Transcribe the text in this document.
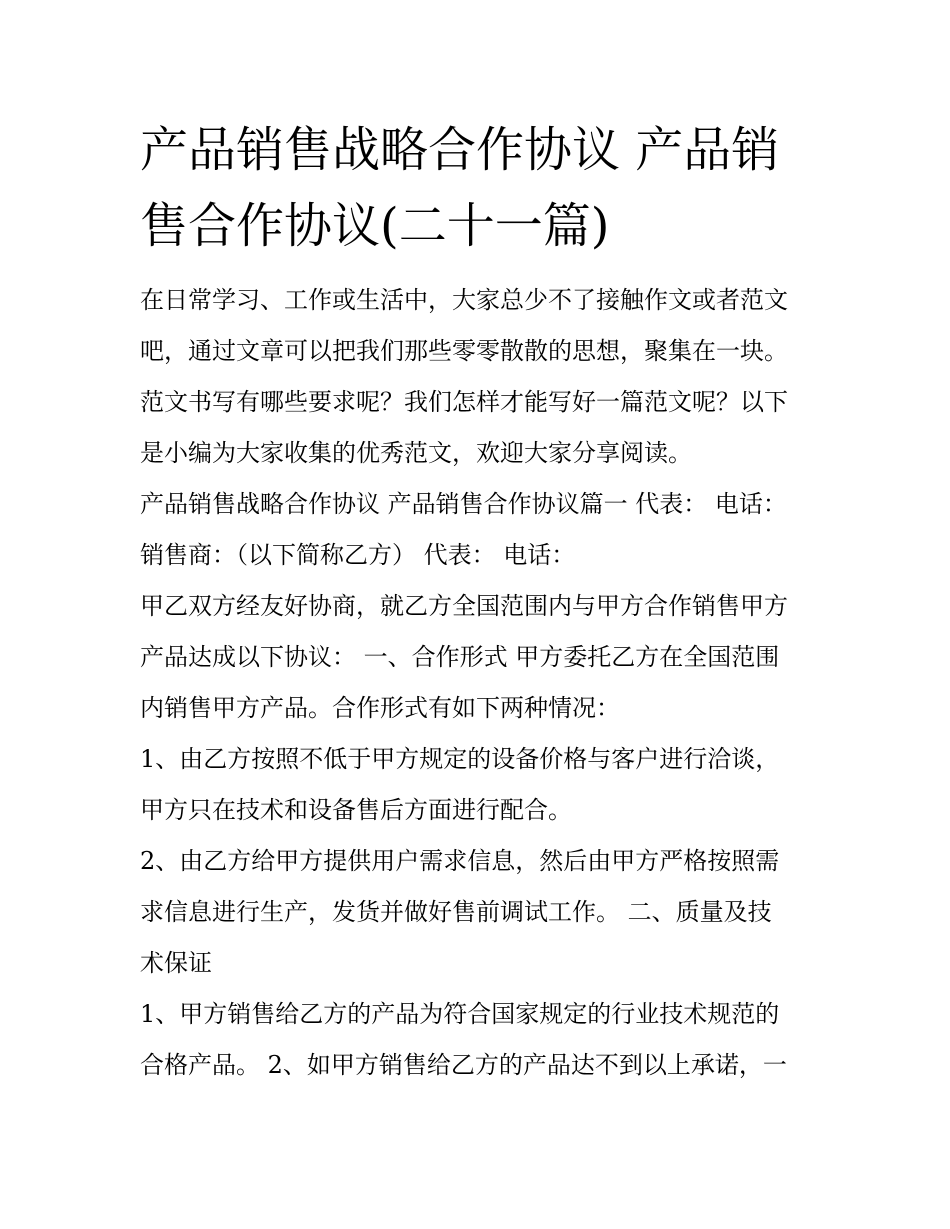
产品销售战略合作协议 产品销
售合作协议(二十一篇)

在日常学习、工作或生活中，大家总少不了接触作文或者范文

吧，通过文章可以把我们那些零零散散的思想，聚集在一块。

范文书写有哪些要求呢？我们怎样才能写好一篇范文呢？以下

是小编为大家收集的优秀范文，欢迎大家分享阅读。

产品销售战略合作协议 产品销售合作协议篇一 代表： 电话：

销售商：（以下简称乙方） 代表： 电话：

甲乙双方经友好协商，就乙方全国范围内与甲方合作销售甲方

产品达成以下协议： 一、合作形式 甲方委托乙方在全国范围

内销售甲方产品。合作形式有如下两种情况：

1、由乙方按照不低于甲方规定的设备价格与客户进行洽谈，

甲方只在技术和设备售后方面进行配合。

2、由乙方给甲方提供用户需求信息，然后由甲方严格按照需

求信息进行生产，发货并做好售前调试工作。 二、质量及技

术保证

1、甲方销售给乙方的产品为符合国家规定的行业技术规范的

合格产品。 2、如甲方销售给乙方的产品达不到以上承诺，一
